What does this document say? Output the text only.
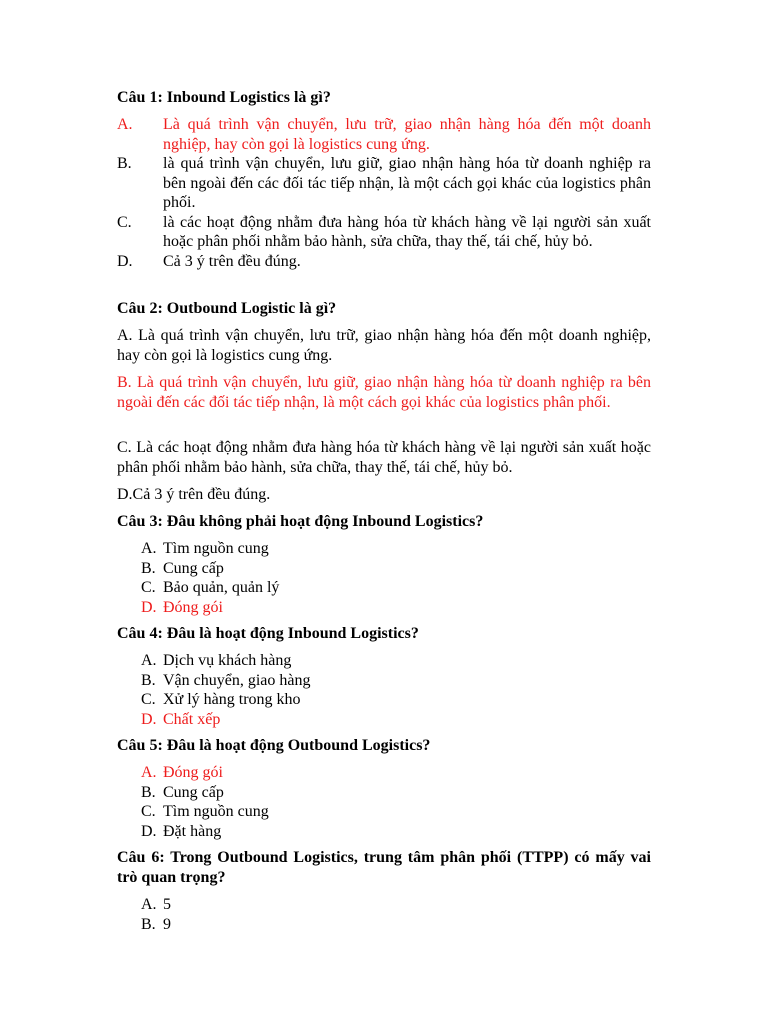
Câu 1: Inbound Logistics là gì?

A. Là quá trình vận chuyển, lưu trữ, giao nhận hàng hóa đến một doanh nghiệp, hay còn gọi là logistics cung ứng.
B. là quá trình vận chuyển, lưu giữ, giao nhận hàng hóa từ doanh nghiệp ra bên ngoài đến các đối tác tiếp nhận, là một cách gọi khác của logistics phân phối.
C. là các hoạt động nhằm đưa hàng hóa từ khách hàng về lại người sản xuất hoặc phân phối nhằm bảo hành, sửa chữa, thay thế, tái chế, hủy bỏ.
D. Cả 3 ý trên đều đúng.

Câu 2: Outbound Logistic là gì?

A. Là quá trình vận chuyển, lưu trữ, giao nhận hàng hóa đến một doanh nghiệp, hay còn gọi là logistics cung ứng.

B. Là quá trình vận chuyển, lưu giữ, giao nhận hàng hóa từ doanh nghiệp ra bên ngoài đến các đối tác tiếp nhận, là một cách gọi khác của logistics phân phối.

C. Là các hoạt động nhằm đưa hàng hóa từ khách hàng về lại người sản xuất hoặc phân phối nhằm bảo hành, sửa chữa, thay thế, tái chế, hủy bỏ.

D.Cả 3 ý trên đều đúng.

Câu 3: Đâu không phải hoạt động Inbound Logistics?

A. Tìm nguồn cung
B. Cung cấp
C. Bảo quản, quản lý
D. Đóng gói

Câu 4: Đâu là hoạt động Inbound Logistics?

A. Dịch vụ khách hàng
B. Vận chuyển, giao hàng
C. Xử lý hàng trong kho
D. Chất xếp

Câu 5: Đâu là hoạt động Outbound Logistics?

A. Đóng gói
B. Cung cấp
C. Tìm nguồn cung
D. Đặt hàng

Câu 6: Trong Outbound Logistics, trung tâm phân phối (TTPP) có mấy vai trò quan trọng?

A. 5
B. 9
